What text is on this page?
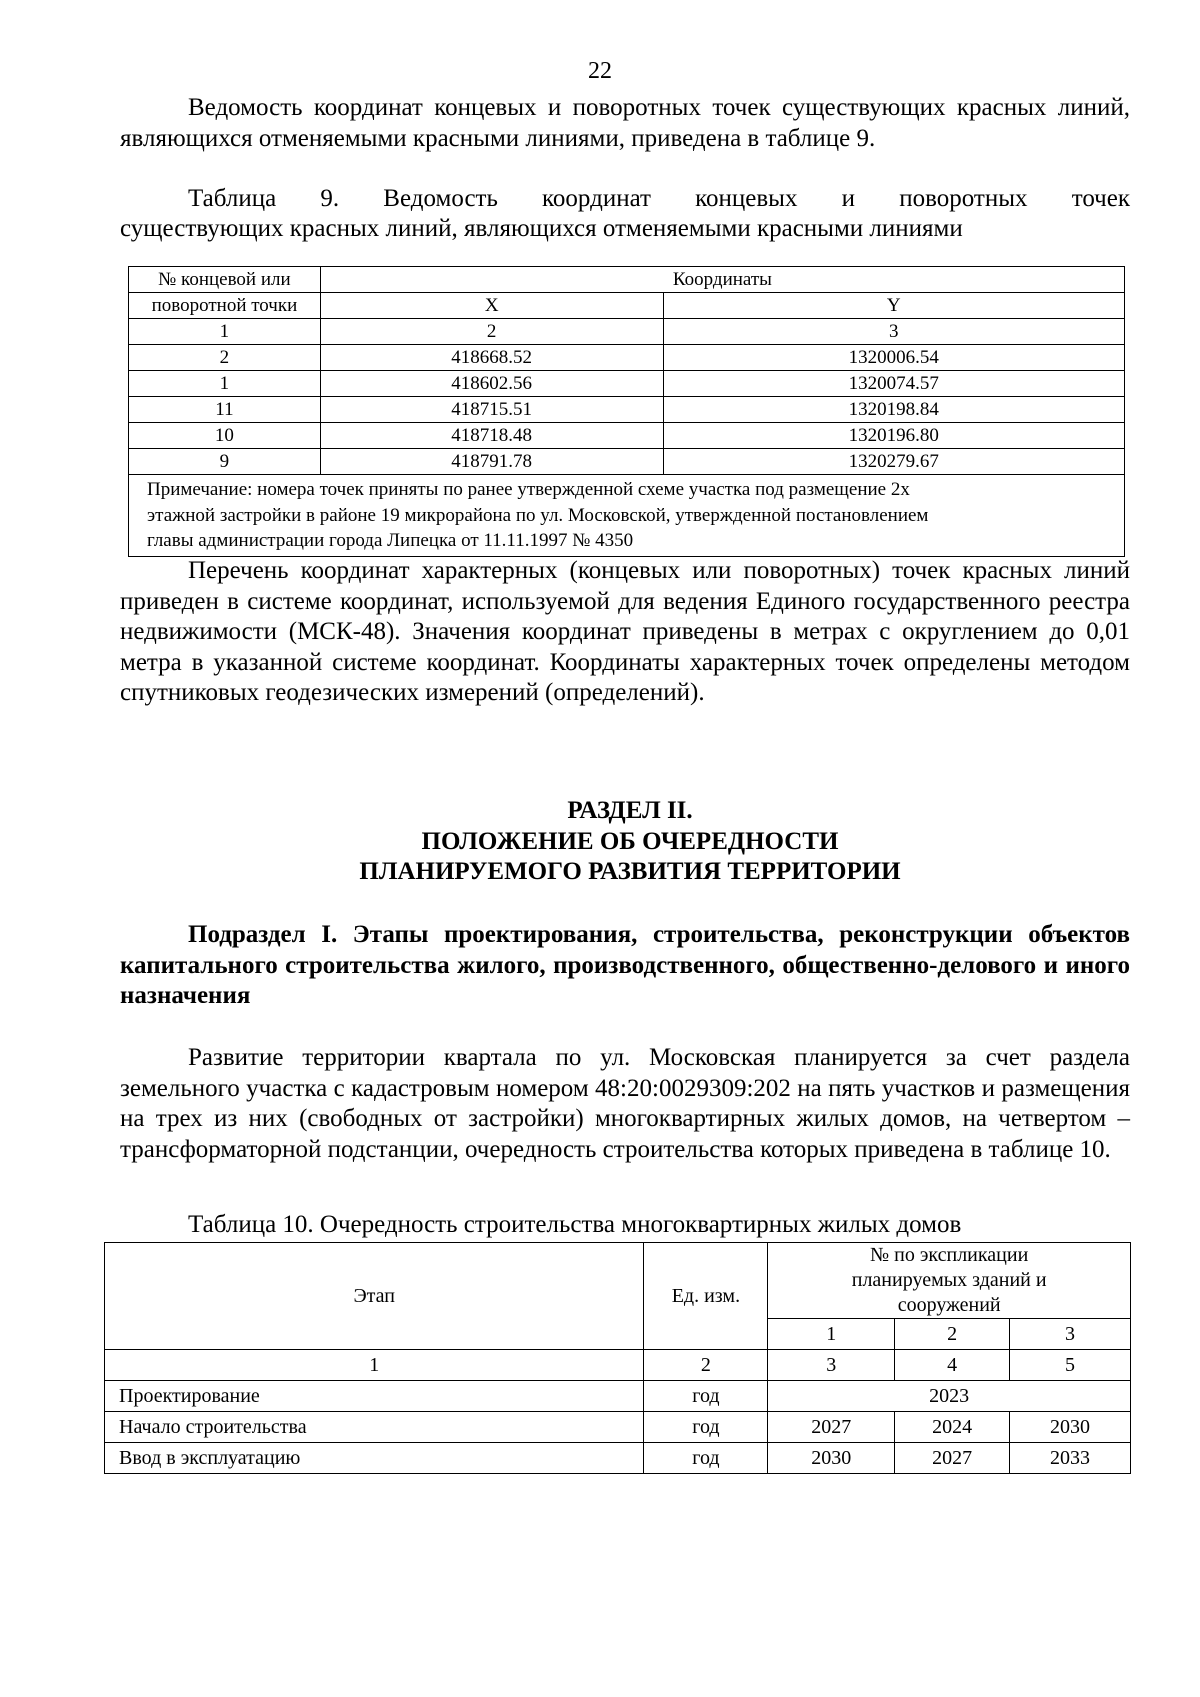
22

Ведомость координат концевых и поворотных точек существующих красных линий, являющихся отменяемыми красными линиями, приведена в таблице 9.

Таблица 9. Ведомость координат концевых и поворотных точек
существующих красных линий, являющихся отменяемыми красными линиями
№ концевой или	Координаты	
поворотной точки	X	Y
1	2	3
2	418668.52	1320006.54
1	418602.56	1320074.57
11	418715.51	1320198.84
10	418718.48	1320196.80
9	418791.78	1320279.67

Примечание: номера точек приняты по ранее утвержденной схеме участка под размещение 2х
этажной застройки в районе 19 микрорайона по ул. Московской, утвержденной постановлением
главы администрации города Липецка от 11.11.1997 № 4350		

Перечень координат характерных (концевых или поворотных) точек красных линий приведен в системе координат, используемой для ведения Единого государственного реестра недвижимости (МСК-48). Значения координат приведены в метрах с округлением до 0,01 метра в указанной системе координат. Координаты характерных точек определены методом спутниковых геодезических измерений (определений).

РАЗДЕЛ II.
ПОЛОЖЕНИЕ ОБ ОЧЕРЕДНОСТИ
ПЛАНИРУЕМОГО РАЗВИТИЯ ТЕРРИТОРИИ

Подраздел I. Этапы проектирования, строительства, реконструкции объектов капитального строительства жилого, производственного, общественно-делового и иного назначения

Развитие территории квартала по ул. Московская планируется за счет раздела земельного участка с кадастровым номером 48:20:0029309:202 на пять участков и размещения на трех из них (свободных от застройки) многоквартирных жилых домов, на четвертом – трансформаторной подстанции, очередность строительства которых приведена в таблице 10.

Таблица 10. Очередность строительства многоквартирных жилых домов
Этап	Ед. изм.	№ по экспликации
планируемых зданий и
сооружений		

		1	2	3
1	2	3	4	5
Проектирование	год	2023		
Начало строительства	год	2027	2024	2030
Ввод в эксплуатацию	год	2030	2027	2033
